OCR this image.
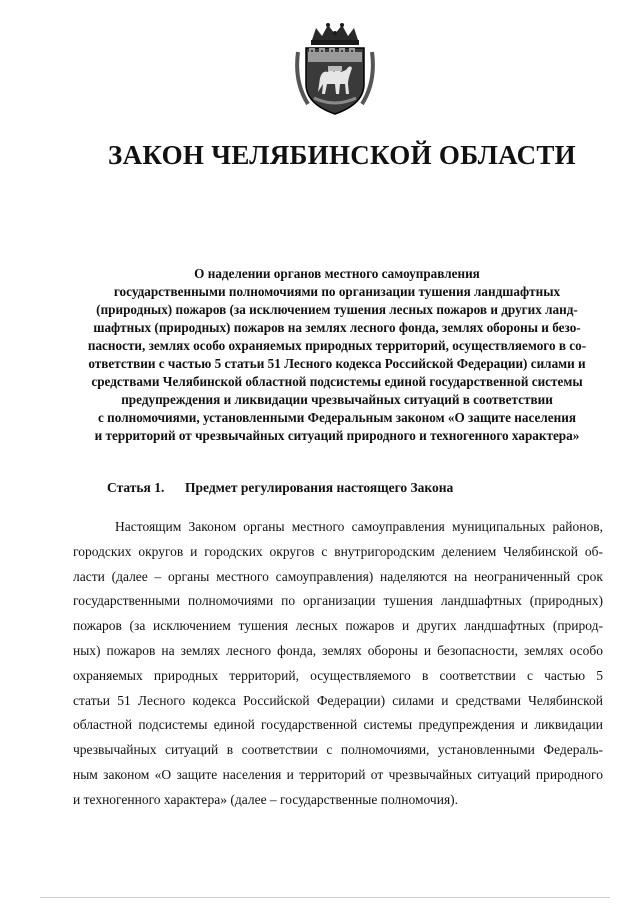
ЗАКОН ЧЕЛЯБИНСКОЙ ОБЛАСТИ
О наделении органов местного самоуправления
государственными полномочиями по организации тушения ландшафтных
(природных) пожаров (за исключением тушения лесных пожаров и других ланд-
шафтных (природных) пожаров на землях лесного фонда, землях обороны и безо-
пасности, землях особо охраняемых природных территорий, осуществляемого в со-
ответствии с частью 5 статьи 51 Лесного кодекса Российской Федерации) силами и
средствами Челябинской областной подсистемы единой государственной системы
предупреждения и ликвидации чрезвычайных ситуаций в соответствии
с полномочиями, установленными Федеральным законом «О защите населения
и территорий от чрезвычайных ситуаций природного и техногенного характера»
Статья 1. Предмет регулирования настоящего Закона
Настоящим Законом органы местного самоуправления муниципальных районов,
городских округов и городских округов с внутригородским делением Челябинской об-
ласти (далее – органы местного самоуправления) наделяются на неограниченный срок
государственными полномочиями по организации тушения ландшафтных (природных)
пожаров (за исключением тушения лесных пожаров и других ландшафтных (природ-
ных) пожаров на землях лесного фонда, землях обороны и безопасности, землях особо
охраняемых природных территорий, осуществляемого в соответствии с частью 5
статьи 51 Лесного кодекса Российской Федерации) силами и средствами Челябинской
областной подсистемы единой государственной системы предупреждения и ликвидации
чрезвычайных ситуаций в соответствии с полномочиями, установленными Федераль-
ным законом «О защите населения и территорий от чрезвычайных ситуаций природного
и техногенного характера» (далее – государственные полномочия).
